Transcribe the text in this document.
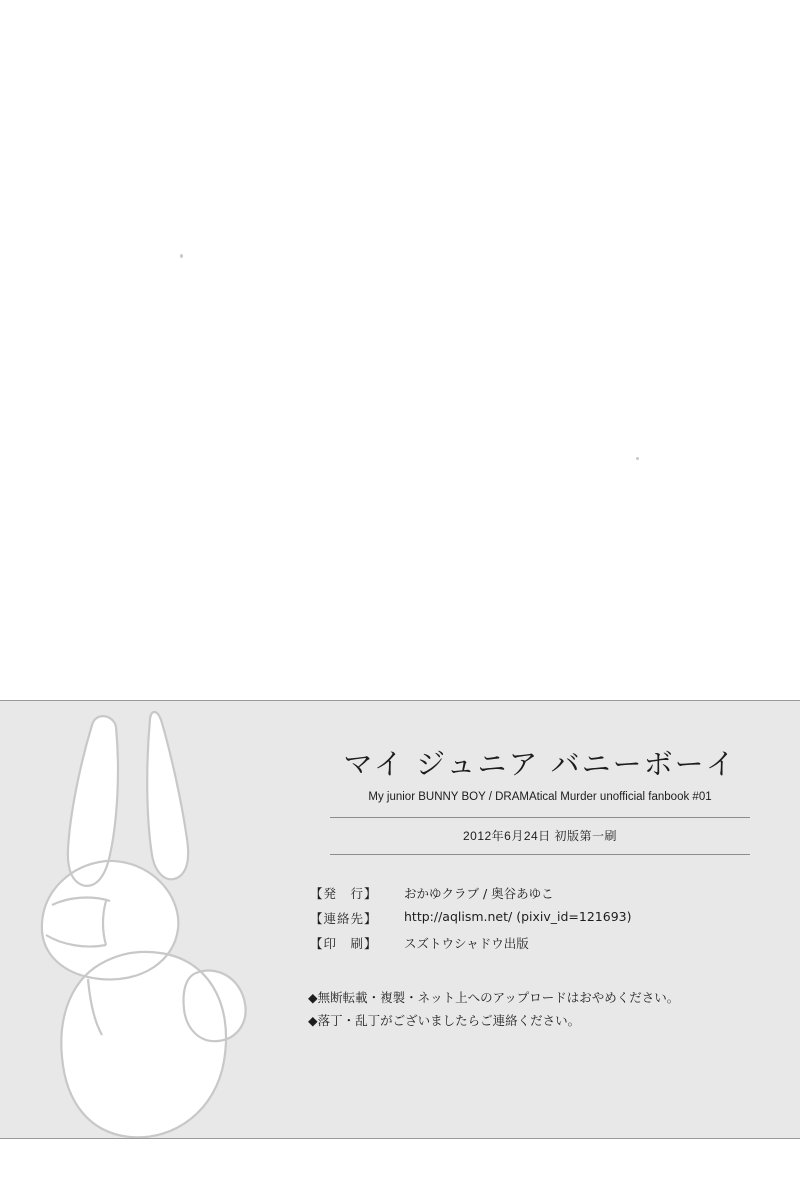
マイ ジュニア バニーボーイ
My junior BUNNY BOY / DRAMAtical Murder unofficial fanbook #01
2012年6月24日 初版第一刷
【発　行】	おかゆクラブ / 奥谷あゆこ
【連絡先】	http://aqlism.net/ (pixiv_id=121693)
【印　刷】	スズトウシャドウ出版
◆無断転載・複製・ネット上へのアップロードはおやめください。
◆落丁・乱丁がございましたらご連絡ください。
